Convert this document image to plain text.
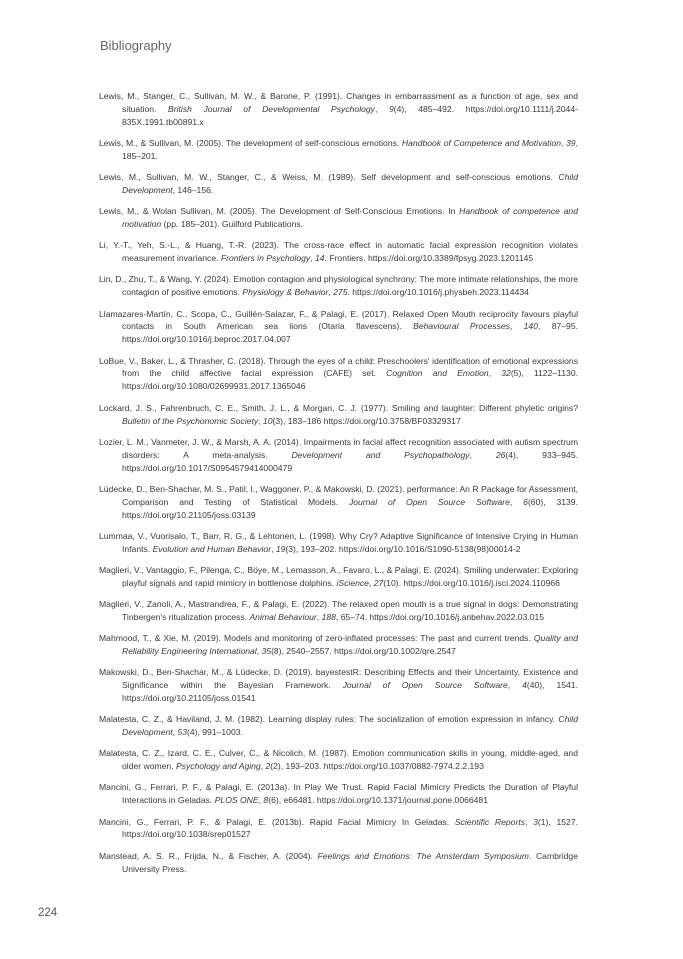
Bibliography

Lewis, M., Stanger, C., Sullivan, M. W., & Barone, P. (1991). Changes in embarrassment as a function of age, sex and situation. British Journal of Developmental Psychology, 9(4), 485–492. https://doi.org/10.1111/j.2044-835X.1991.tb00891.x

Lewis, M., & Sullivan, M. (2005). The development of self-conscious emotions. Handbook of Competence and Motivation, 39, 185–201.

Lewis, M., Sullivan, M. W., Stanger, C., & Weiss, M. (1989). Self development and self-conscious emotions. Child Development, 146–156.

Lewis, M., & Wolan Sullivan, M. (2005). The Development of Self-Conscious Emotions. In Handbook of competence and motivation (pp. 185–201). Guilford Publications.

Li, Y.-T., Yeh, S.-L., & Huang, T.-R. (2023). The cross-race effect in automatic facial expression recognition violates measurement invariance. Frontiers in Psychology, 14. Frontiers. https://doi.org/10.3389/fpsyg.2023.1201145

Lin, D., Zhu, T., & Wang, Y. (2024). Emotion contagion and physiological synchrony: The more intimate relationships, the more contagion of positive emotions. Physiology & Behavior, 275. https://doi.org/10.1016/j.physbeh.2023.114434

Llamazares-Martín, C., Scopa, C., Guillén-Salazar, F., & Palagi, E. (2017). Relaxed Open Mouth reciprocity favours playful contacts in South American sea lions (Otaria flavescens). Behavioural Processes, 140, 87–95. https://doi.org/10.1016/j.beproc.2017.04.007

LoBue, V., Baker, L., & Thrasher, C. (2018). Through the eyes of a child: Preschoolers' identification of emotional expressions from the child affective facial expression (CAFE) set. Cognition and Emotion, 32(5), 1122–1130. https://doi.org/10.1080/02699931.2017.1365046

Lockard, J. S., Fahrenbruch, C. E., Smith, J. L., & Morgan, C. J. (1977). Smiling and laughter: Different phyletic origins? Bulletin of the Psychonomic Society, 10(3), 183–186 https://doi.org/10.3758/BF03329317

Lozier, L. M., Vanmeter, J. W., & Marsh, A. A. (2014). Impairments in facial affect recognition associated with autism spectrum disorders: A meta-analysis. Development and Psychopathology, 26(4), 933–945. https://doi.org/10.1017/S0954579414000479

Lüdecke, D., Ben-Shachar, M. S., Patil, I., Waggoner, P., & Makowski, D. (2021). performance: An R Package for Assessment, Comparison and Testing of Statistical Models. Journal of Open Source Software, 6(60), 3139. https://doi.org/10.21105/joss.03139

Lummaa, V., Vuorisalo, T., Barr, R. G., & Lehtonen, L. (1998). Why Cry? Adaptive Significance of Intensive Crying in Human Infants. Evolution and Human Behavior, 19(3), 193–202. https://doi.org/10.1016/S1090-5138(98)00014-2

Maglieri, V., Vantaggio, F., Pilenga, C., Böye, M., Lemasson, A., Favaro, L., & Palagi, E. (2024). Smiling underwater: Exploring playful signals and rapid mimicry in bottlenose dolphins. iScience, 27(10). https://doi.org/10.1016/j.isci.2024.110966

Maglieri, V., Zanoli, A., Mastrandrea, F., & Palagi, E. (2022). The relaxed open mouth is a true signal in dogs: Demonstrating Tinbergen's ritualization process. Animal Behaviour, 188, 65–74. https://doi.org/10.1016/j.anbehav.2022.03.015

Mahmood, T., & Xie, M. (2019). Models and monitoring of zero-inflated processes: The past and current trends. Quality and Reliability Engineering International, 35(8), 2540–2557. https://doi.org/10.1002/qre.2547

Makowski, D., Ben-Shachar, M., & Lüdecke, D. (2019). bayestestR: Describing Effects and their Uncertainty, Existence and Significance within the Bayesian Framework. Journal of Open Source Software, 4(40), 1541. https://doi.org/10.21105/joss.01541

Malatesta, C. Z., & Haviland, J. M. (1982). Learning display rules: The socialization of emotion expression in infancy. Child Development, 53(4), 991–1003.

Malatesta, C. Z., Izard, C. E., Culver, C., & Nicolich, M. (1987). Emotion communication skills in young, middle-aged, and older women. Psychology and Aging, 2(2), 193–203. https://doi.org/10.1037/0882-7974.2.2.193

Mancini, G., Ferrari, P. F., & Palagi, E. (2013a). In Play We Trust. Rapid Facial Mimicry Predicts the Duration of Playful Interactions in Geladas. PLOS ONE, 8(6), e66481. https://doi.org/10.1371/journal.pone.0066481

Mancini, G., Ferrari, P. F., & Palagi, E. (2013b). Rapid Facial Mimicry In Geladas. Scientific Reports, 3(1), 1527. https://doi.org/10.1038/srep01527

Manstead, A. S. R., Frijda, N., & Fischer, A. (2004). Feelings and Emotions: The Amsterdam Symposium. Cambridge University Press.

224
